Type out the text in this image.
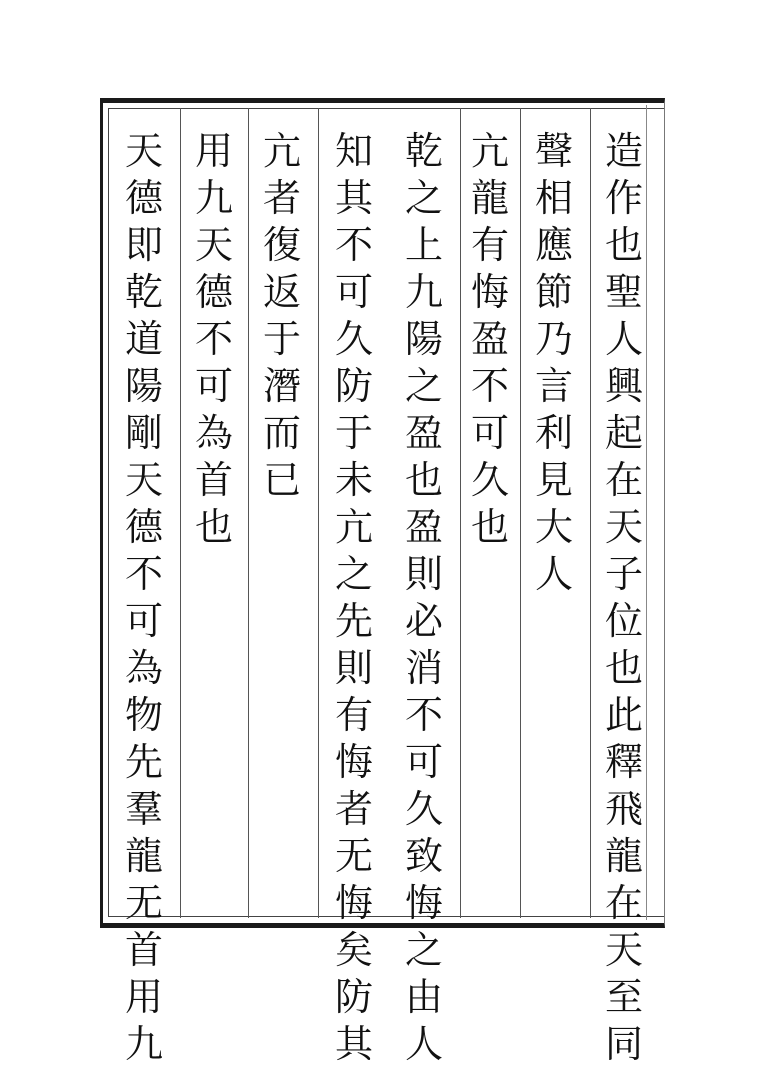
造
作
也
聖
人
興
起
在
天
子
位
也
此
釋
飛
龍
在
天
至
同
聲
相
應
節
乃
言
利
見
大
人
亢
龍
有
悔
盈
不
可
久
也
乾
之
上
九
陽
之
盈
也
盈
則
必
消
不
可
久
致
悔
之
由
人
知
其
不
可
久
防
于
未
亢
之
先
則
有
悔
者
无
悔
矣
防
其
亢
者
復
返
于
潛
而
已
用
九
天
德
不
可
為
首
也
天
德
即
乾
道
陽
剛
天
德
不
可
為
物
先
羣
龍
无
首
用
九
